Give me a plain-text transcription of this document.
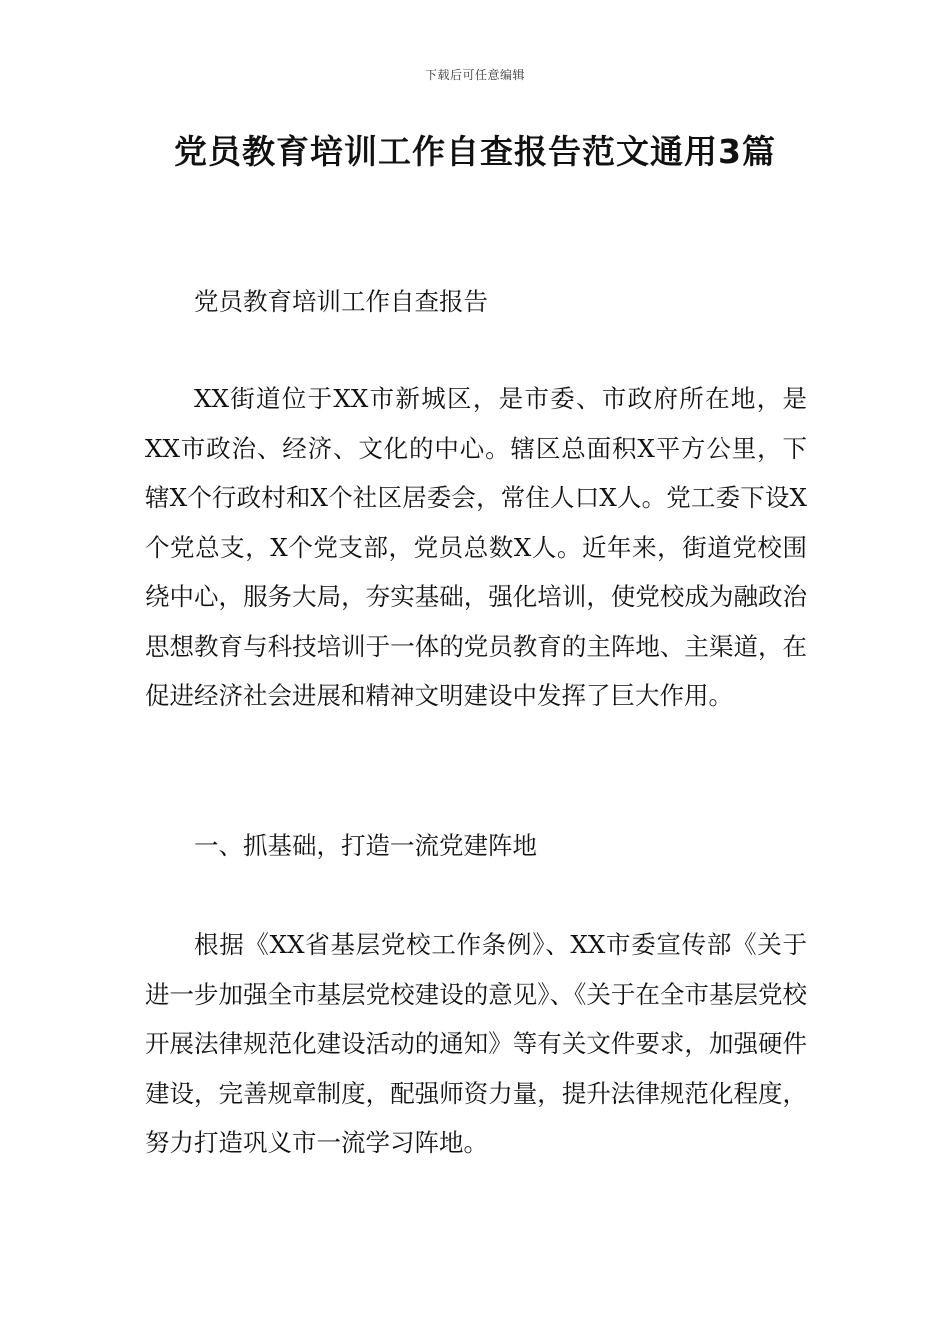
下载后可任意编辑
党员教育培训工作自查报告范文通用3篇

党员教育培训工作自查报告

XX街道位于XX市新城区，是市委、市政府所在地，是XX市政治、经济、文化的中心。辖区总面积X平方公里，下辖X个行政村和X个社区居委会，常住人口X人。党工委下设X个党总支，X个党支部，党员总数X人。近年来，街道党校围绕中心，服务大局，夯实基础，强化培训，使党校成为融政治思想教育与科技培训于一体的党员教育的主阵地、主渠道，在促进经济社会进展和精神文明建设中发挥了巨大作用。

一、抓基础，打造一流党建阵地

根据《XX省基层党校工作条例》、XX市委宣传部《关于进一步加强全市基层党校建设的意见》、《关于在全市基层党校开展法律规范化建设活动的通知》等有关文件要求，加强硬件建设，完善规章制度，配强师资力量，提升法律规范化程度，努力打造巩义市一流学习阵地。
